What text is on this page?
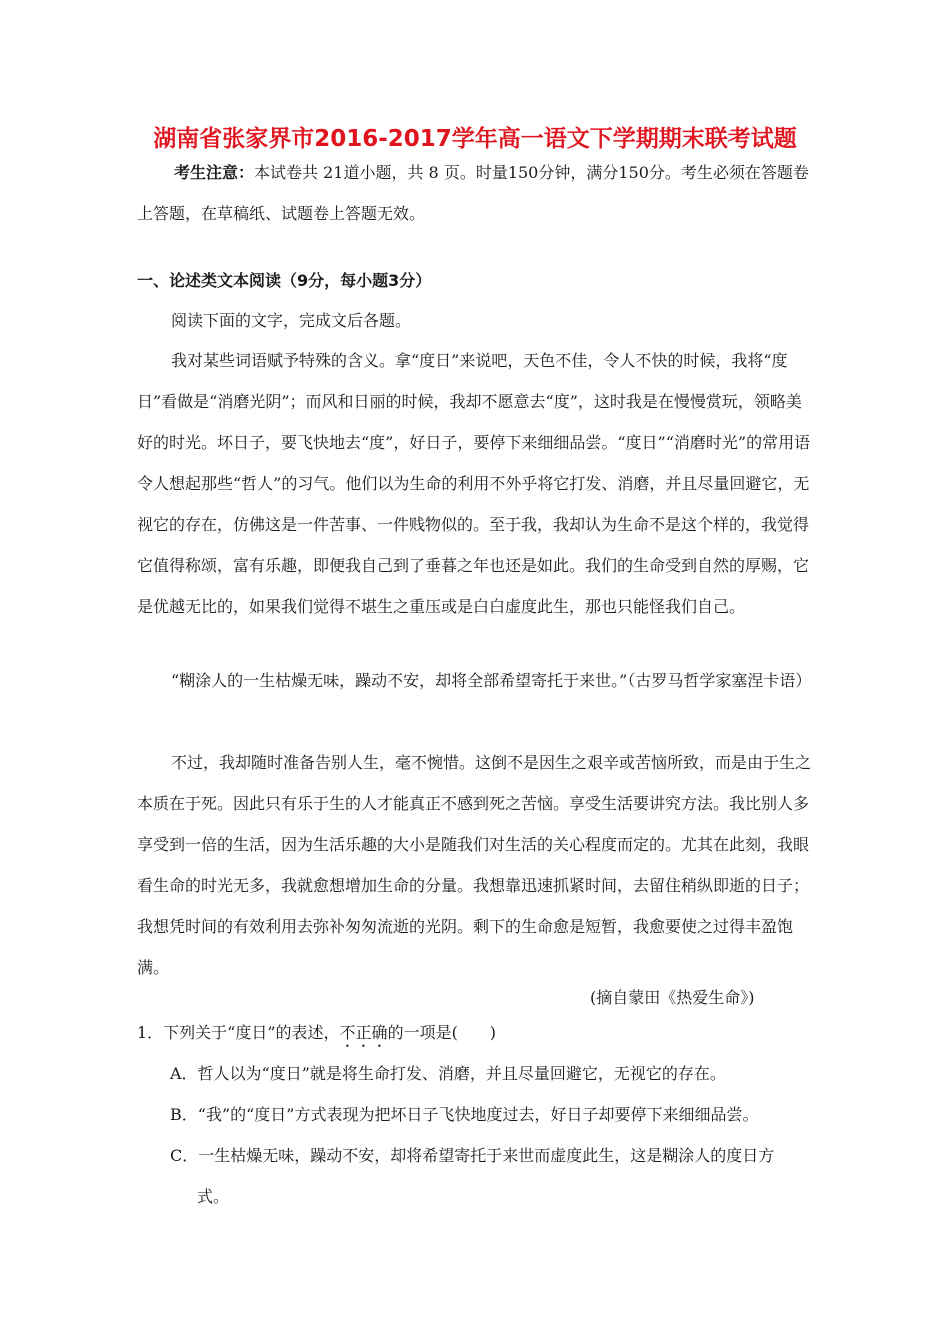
湖南省张家界市2016-2017学年高一语文下学期期末联考试题
考生注意：本试卷共 21道小题，共 8 页。时量150分钟，满分150分。考生必须在答题卷上答题，在草稿纸、试题卷上答题无效。
一、论述类文本阅读（9分，每小题3分）
阅读下面的文字，完成文后各题。
我对某些词语赋予特殊的含义。拿“度日”来说吧，天色不佳，令人不快的时候，我将“度日”看做是“消磨光阴”；而风和日丽的时候，我却不愿意去“度”，这时我是在慢慢赏玩，领略美好的时光。坏日子，要飞快地去“度”，好日子，要停下来细细品尝。“度日”“消磨时光”的常用语令人想起那些“哲人”的习气。他们以为生命的利用不外乎将它打发、消磨，并且尽量回避它，无视它的存在，仿佛这是一件苦事、一件贱物似的。至于我，我却认为生命不是这个样的，我觉得它值得称颂，富有乐趣，即便我自己到了垂暮之年也还是如此。我们的生命受到自然的厚赐，它是优越无比的，如果我们觉得不堪生之重压或是白白虚度此生，那也只能怪我们自己。
“糊涂人的一生枯燥无味，躁动不安，却将全部希望寄托于来世。”（古罗马哲学家塞涅卡语）
不过，我却随时准备告别人生，毫不惋惜。这倒不是因生之艰辛或苦恼所致，而是由于生之本质在于死。因此只有乐于生的人才能真正不感到死之苦恼。享受生活要讲究方法。我比别人多享受到一倍的生活，因为生活乐趣的大小是随我们对生活的关心程度而定的。尤其在此刻，我眼看生命的时光无多，我就愈想增加生命的分量。我想靠迅速抓紧时间，去留住稍纵即逝的日子；我想凭时间的有效利用去弥补匆匆流逝的光阴。剩下的生命愈是短暂，我愈要使之过得丰盈饱满。
(摘自蒙田《热爱生命》)
1．下列关于“度日”的表述，不正确的一项是(　　)
A．哲人以为“度日”就是将生命打发、消磨，并且尽量回避它，无视它的存在。
B．“我”的“度日”方式表现为把坏日子飞快地度过去，好日子却要停下来细细品尝。
C．一生枯燥无味，躁动不安，却将希望寄托于来世而虚度此生，这是糊涂人的度日方
式。
